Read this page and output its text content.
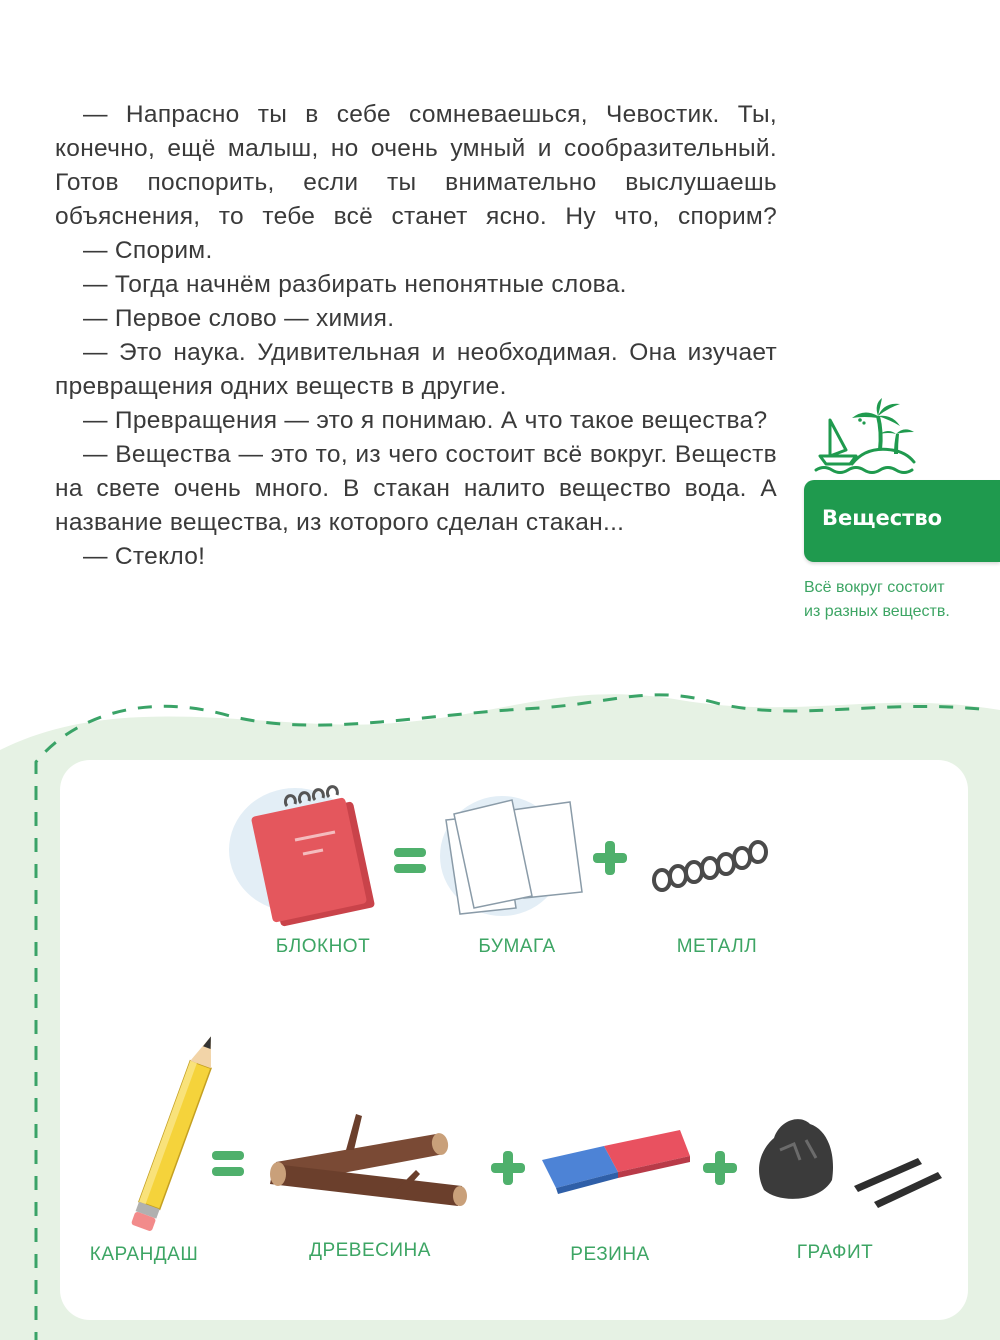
— Напрасно ты в себе сомневаешься, Чевостик. Ты, конечно, ещё малыш, но очень умный и сообразительный. Готов поспорить, если ты внимательно выслушаешь объяснения, то тебе всё станет ясно. Ну что, спорим?

— Спорим.

— Тогда начнём разбирать непонятные слова.

— Первое слово — химия.

— Это наука. Удивительная и необходимая. Она изучает превращения одних веществ в другие.

— Превращения — это я понимаю. А что такое вещества?

— Вещества — это то, из чего состоит всё вокруг. Веществ на свете очень много. В стакан налито вещество вода. А название вещества, из которого сделан стакан...

— Стекло!

Вещество
Всё вокруг состоит из разных веществ.
БЛОКНОТ	БУМАГА	МЕТАЛЛ
КАРАНДАШ	ДРЕВЕСИНА	РЕЗИНА	ГРАФИТ
